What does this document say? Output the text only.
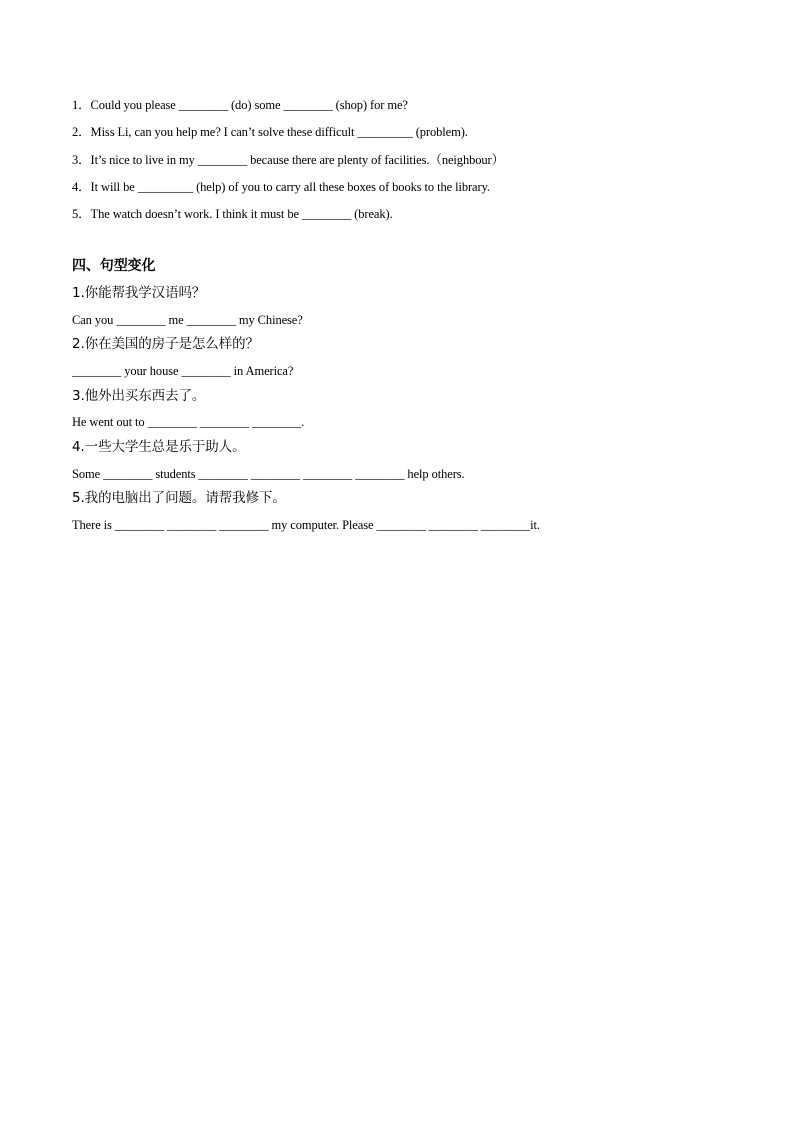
1．Could you please ________ (do) some ________ (shop) for me?
2．Miss Li, can you help me? I can’t solve these difficult _________ (problem).
3．It’s nice to live in my ________ because there are plenty of facilities.（neighbour）
4．It will be _________ (help) of you to carry all these boxes of books to the library.
5．The watch doesn’t work. I think it must be ________ (break).
四、句型变化
1.你能帮我学汉语吗？
Can you ________ me ________ my Chinese?
2.你在美国的房子是怎么样的？
________ your house ________ in America?
3.他外出买东西去了。
He went out to ________ ________ ________.
4.一些大学生总是乐于助人。
Some ________ students ________ ________ ________ ________ help others.
5.我的电脑出了问题。请帮我修下。
There is ________ ________ ________ my computer. Please ________ ________ ________it.
